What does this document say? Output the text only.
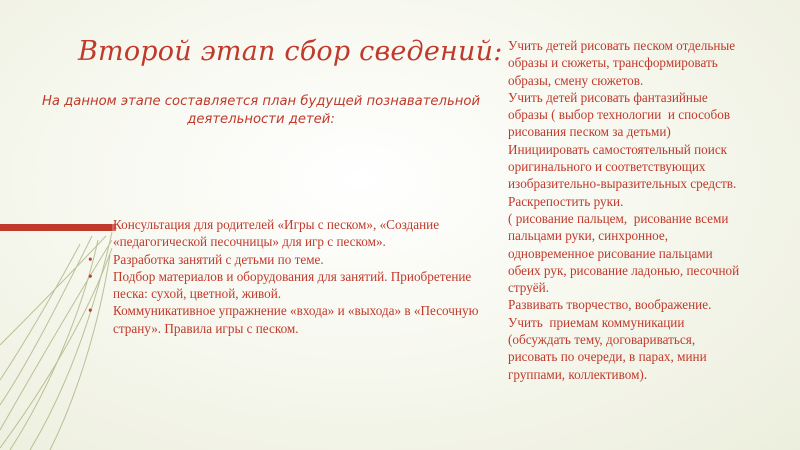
Второй этап сбор сведений:
На данном этапе составляется план будущей познавательной деятельности детей:
Консультация для родителей «Игры с песком», «Создание «педагогической песочницы» для игр с песком».
• Разработка занятий с детьми по теме.
• Подбор материалов и оборудования для занятий. Приобретение песка: сухой, цветной, живой.
• Коммуникативное упражнение «входа» и «выхода» в «Песочную страну». Правила игры с песком.
Учить детей рисовать песком отдельные
образы и сюжеты, трансформировать
образы, смену сюжетов.
Учить детей рисовать фантазийные
образы ( выбор технологии  и способов
рисования песком за детьми)
Инициировать самостоятельный поиск
оригинального и соответствующих
изобразительно-выразительных средств.
Раскрепостить руки.
( рисование пальцем,  рисование всеми
пальцами руки, синхронное,
одновременное рисование пальцами
обеих рук, рисование ладонью, песочной
струёй.
Развивать творчество, воображение.
Учить  приемам коммуникации
(обсуждать тему, договариваться,
рисовать по очереди, в парах, мини
группами, коллективом).
